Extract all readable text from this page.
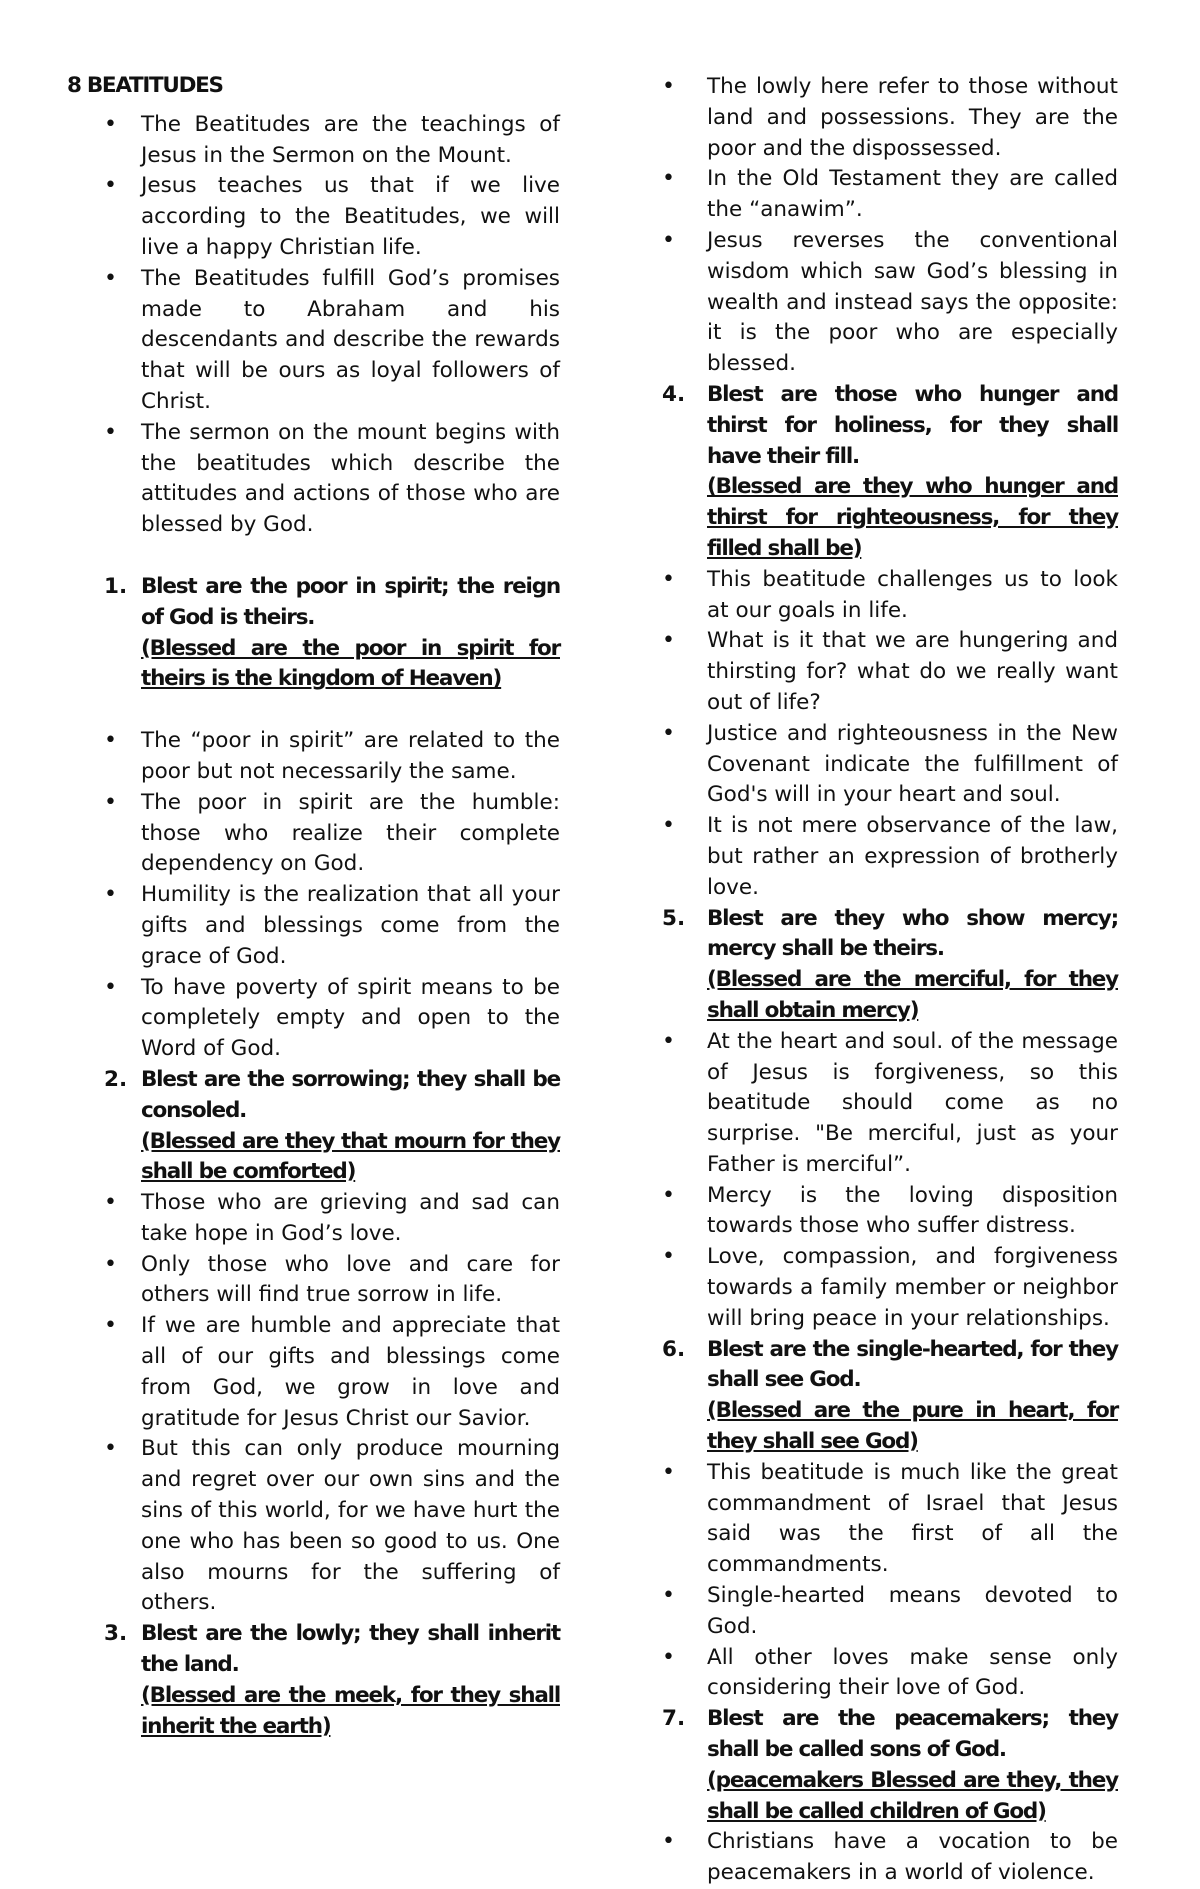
8 BEATITUDES
• The Beatitudes are the teachings of Jesus in the Sermon on the Mount.
• Jesus teaches us that if we live according to the Beatitudes, we will live a happy Christian life.
• The Beatitudes fulfill God’s promises made to Abraham and his descendants and describe the rewards that will be ours as loyal followers of Christ.
• The sermon on the mount begins with the beatitudes which describe the attitudes and actions of those who are blessed by God.
1. Blest are the poor in spirit; the reign of God is theirs.
(Blessed are the poor in spirit for theirs is the kingdom of Heaven)
• The “poor in spirit” are related to the poor but not necessarily the same.
• The poor in spirit are the humble: those who realize their complete dependency on God.
• Humility is the realization that all your gifts and blessings come from the grace of God.
• To have poverty of spirit means to be completely empty and open to the Word of God.
2. Blest are the sorrowing; they shall be consoled.
(Blessed are they that mourn for they shall be comforted)
• Those who are grieving and sad can take hope in God’s love.
• Only those who love and care for others will find true sorrow in life.
• If we are humble and appreciate that all of our gifts and blessings come from God, we grow in love and gratitude for Jesus Christ our Savior.
• But this can only produce mourning and regret over our own sins and the sins of this world, for we have hurt the one who has been so good to us. One also mourns for the suffering of others.
3. Blest are the lowly; they shall inherit the land.
(Blessed are the meek, for they shall inherit the earth)
• The lowly here refer to those without land and possessions. They are the poor and the dispossessed.
• In the Old Testament they are called the “anawim”.
• Jesus reverses the conventional wisdom which saw God’s blessing in wealth and instead says the opposite: it is the poor who are especially blessed.
4. Blest are those who hunger and thirst for holiness, for they shall have their fill.
(Blessed are they who hunger and thirst for righteousness, for they filled shall be)
• This beatitude challenges us to look at our goals in life.
• What is it that we are hungering and thirsting for? what do we really want out of life?
• Justice and righteousness in the New Covenant indicate the fulfillment of God's will in your heart and soul.
• It is not mere observance of the law, but rather an expression of brotherly love.
5. Blest are they who show mercy; mercy shall be theirs.
(Blessed are the merciful, for they shall obtain mercy)
• At the heart and soul. of the message of Jesus is forgiveness, so this beatitude should come as no surprise. "Be merciful, just as your Father is merciful”.
• Mercy is the loving disposition towards those who suffer distress.
• Love, compassion, and forgiveness towards a family member or neighbor will bring peace in your relationships.
6. Blest are the single-hearted, for they shall see God.
(Blessed are the pure in heart, for they shall see God)
• This beatitude is much like the great commandment of Israel that Jesus said was the first of all the commandments.
• Single-hearted means devoted to God.
• All other loves make sense only considering their love of God.
7. Blest are the peacemakers; they shall be called sons of God.
(peacemakers Blessed are they, they shall be called children of God)
• Christians have a vocation to be peacemakers in a world of violence.
